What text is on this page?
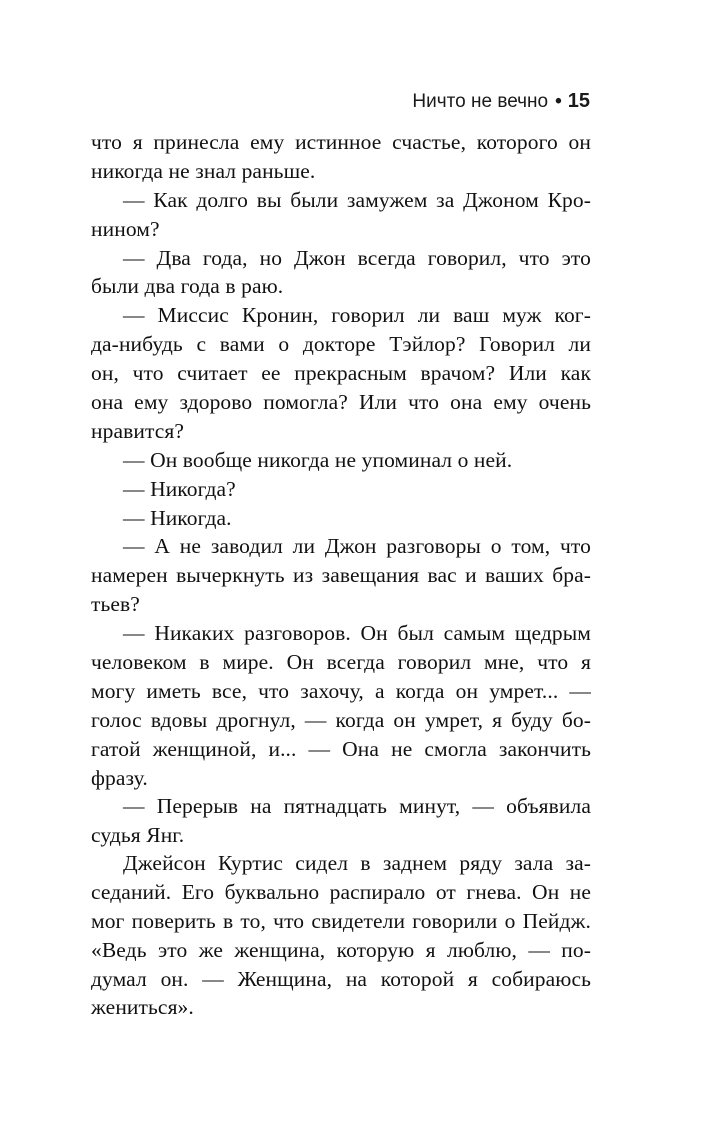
Ничто не вечно • 15
что я принесла ему истинное счастье, которого он
никогда не знал раньше.
— Как долго вы были замужем за Джоном Кро-
нином?
— Два года, но Джон всегда говорил, что это
были два года в раю.
— Миссис Кронин, говорил ли ваш муж ког-
да-нибудь с вами о докторе Тэйлор? Говорил ли
он, что считает ее прекрасным врачом? Или как
она ему здорово помогла? Или что она ему очень
нравится?
— Он вообще никогда не упоминал о ней.
— Никогда?
— Никогда.
— А не заводил ли Джон разговоры о том, что
намерен вычеркнуть из завещания вас и ваших бра-
тьев?
— Никаких разговоров. Он был самым щедрым
человеком в мире. Он всегда говорил мне, что я
могу иметь все, что захочу, а когда он умрет... —
голос вдовы дрогнул, — когда он умрет, я буду бо-
гатой женщиной, и... — Она не смогла закончить
фразу.
— Перерыв на пятнадцать минут, — объявила
судья Янг.
Джейсон Куртис сидел в заднем ряду зала за-
седаний. Его буквально распирало от гнева. Он не
мог поверить в то, что свидетели говорили о Пейдж.
«Ведь это же женщина, которую я люблю, — по-
думал он. — Женщина, на которой я собираюсь
жениться».
